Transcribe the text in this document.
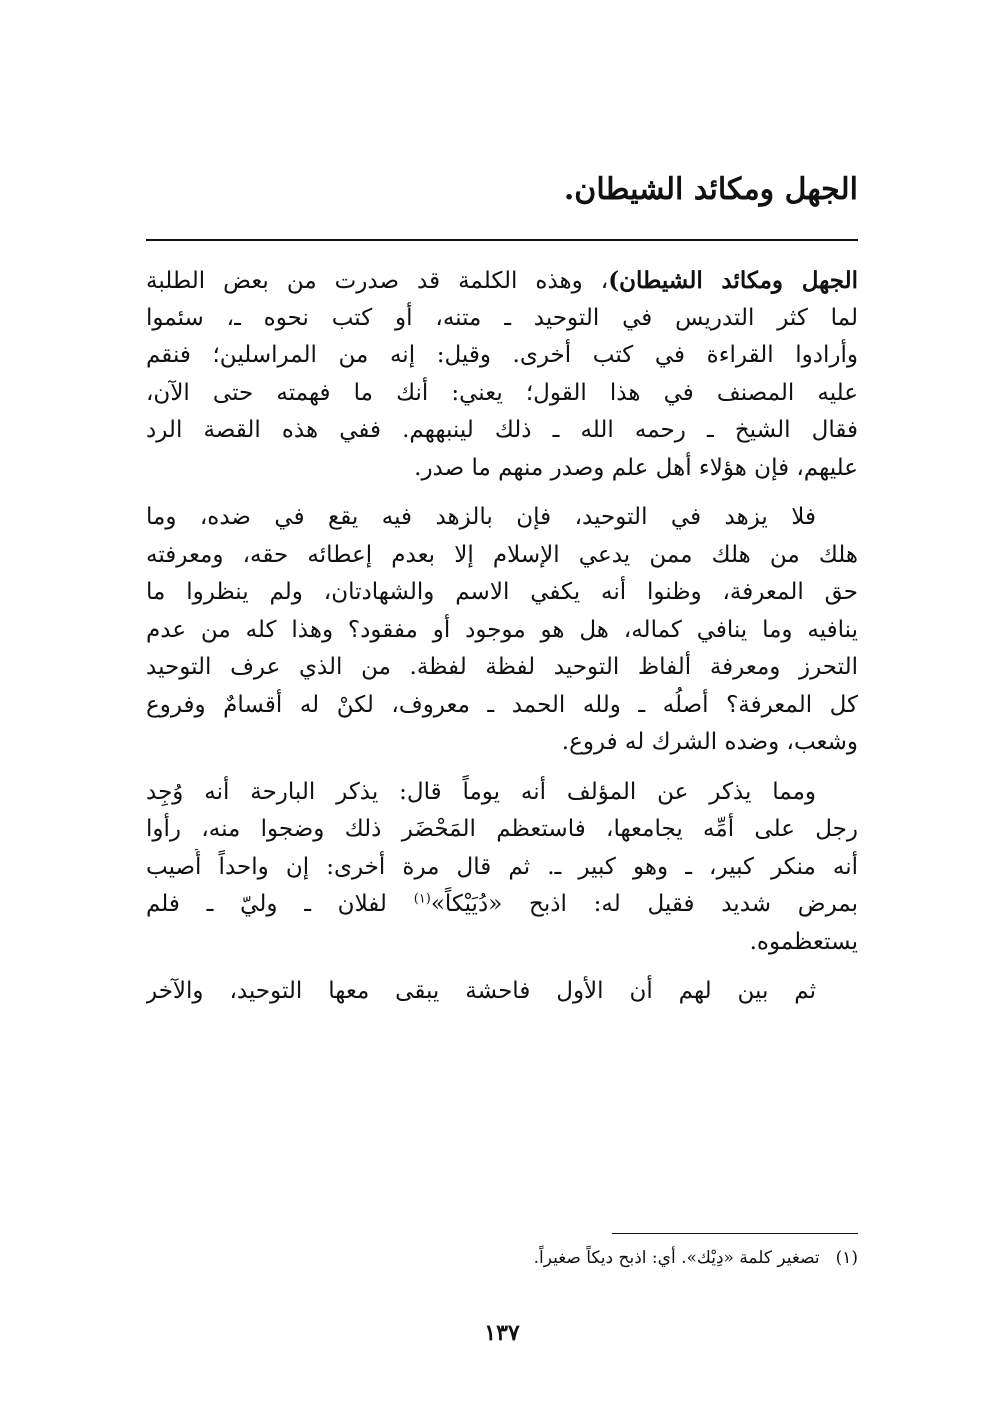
الجهل ومكائد الشيطان.
الجهل ومكائد الشيطان)، وهذه الكلمة قد صدرت من بعض الطلبة
لما كثر التدريس في التوحيد ـ متنه، أو كتب نحوه ـ، سئموا
وأرادوا القراءة في كتب أخرى. وقيل: إنه من المراسلين؛ فنقم
عليه المصنف في هذا القول؛ يعني: أنك ما فهمته حتى الآن،
فقال الشيخ ـ رحمه الله ـ ذلك لينبههم. ففي هذه القصة الرد
عليهم، فإن هؤلاء أهل علم وصدر منهم ما صدر.
فلا يزهد في التوحيد، فإن بالزهد فيه يقع في ضده، وما
هلك من هلك ممن يدعي الإسلام إلا بعدم إعطائه حقه، ومعرفته
حق المعرفة، وظنوا أنه يكفي الاسم والشهادتان، ولم ينظروا ما
ينافيه وما ينافي كماله، هل هو موجود أو مفقود؟ وهذا كله من عدم
التحرز ومعرفة ألفاظ التوحيد لفظة لفظة. من الذي عرف التوحيد
كل المعرفة؟ أصلُه ـ ولله الحمد ـ معروف، لكنْ له أقسامٌ وفروع
وشعب، وضده الشرك له فروع.
ومما يذكر عن المؤلف أنه يوماً قال: يذكر البارحة أنه وُجِد
رجل على أمِّه يجامعها، فاستعظم المَحْضَر ذلك وضجوا منه، رأوا
أنه منكر كبير، ـ وهو كبير ـ. ثم قال مرة أخرى: إن واحداً أُصيب
بمرض شديد فقيل له: اذبح «دُيَيْكاً»$^{(١)}$ لفلان ـ وليّ ـ فلم
يستعظموه.
ثم بين لهم أن الأول فاحشة يبقى معها التوحيد، والآخر
(١)تصغير كلمة «دِيْك». أي: اذبح ديكاً صغيراً.
١٣٧
